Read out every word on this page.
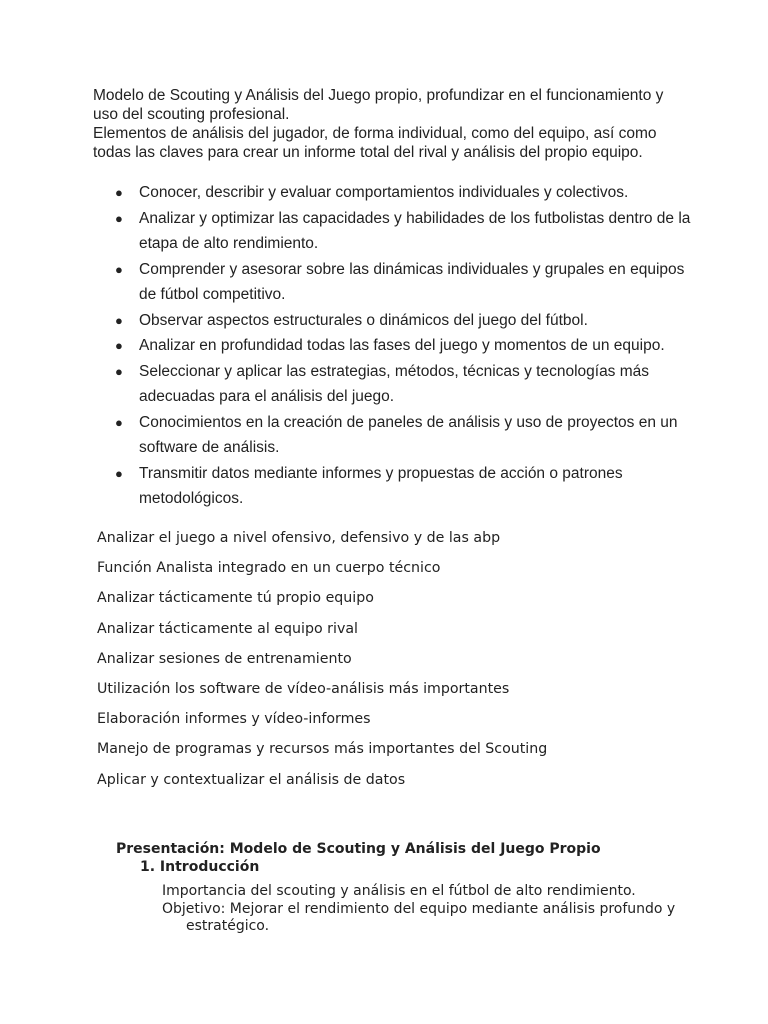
Modelo de Scouting y Análisis del Juego propio, profundizar en el funcionamiento y uso del scouting profesional.

Elementos de análisis del jugador, de forma individual, como del equipo, así como todas las claves para crear un informe total del rival y análisis del propio equipo.

● Conocer, describir y evaluar comportamientos individuales y colectivos.
● Analizar y optimizar las capacidades y habilidades de los futbolistas dentro de la etapa de alto rendimiento.
● Comprender y asesorar sobre las dinámicas individuales y grupales en equipos de fútbol competitivo.
● Observar aspectos estructurales o dinámicos del juego del fútbol.
● Analizar en profundidad todas las fases del juego y momentos de un equipo.
● Seleccionar y aplicar las estrategias, métodos, técnicas y tecnologías más adecuadas para el análisis del juego.
● Conocimientos en la creación de paneles de análisis y uso de proyectos en un software de análisis.
● Transmitir datos mediante informes y propuestas de acción o patrones metodológicos.
Analizar el juego a nivel ofensivo, defensivo y de las abp
Función Analista integrado en un cuerpo técnico
Analizar tácticamente tú propio equipo
Analizar tácticamente al equipo rival
Analizar sesiones de entrenamiento
Utilización los software de vídeo-análisis más importantes
Elaboración informes y vídeo-informes
Manejo de programas y recursos más importantes del Scouting
Aplicar y contextualizar el análisis de datos

Presentación: Modelo de Scouting y Análisis del Juego Propio

1. Introducción

Importancia del scouting y análisis en el fútbol de alto rendimiento.
Objetivo: Mejorar el rendimiento del equipo mediante análisis profundo y estratégico.
